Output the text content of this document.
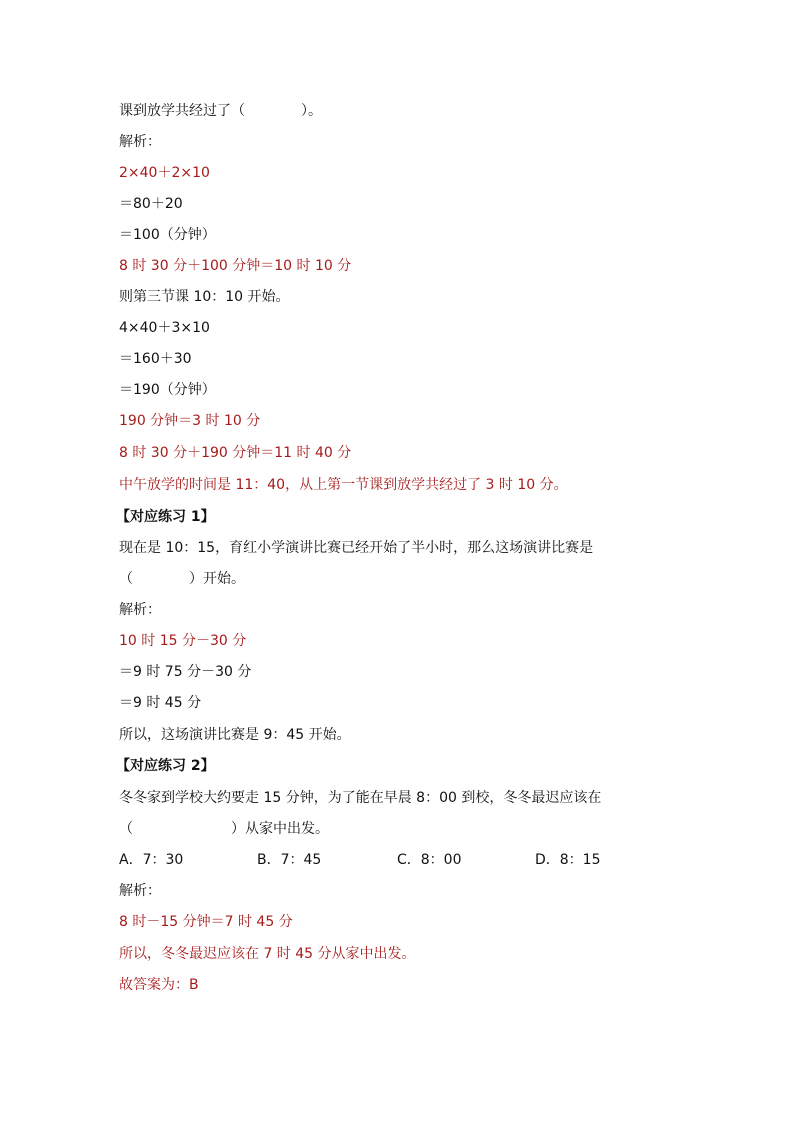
课到放学共经过了（　　　　）。
解析：
2×40＋2×10
＝80＋20
＝100（分钟）
8 时 30 分＋100 分钟＝10 时 10 分
则第三节课 10：10 开始。
4×40＋3×10
＝160＋30
＝190（分钟）
190 分钟＝3 时 10 分
8 时 30 分＋190 分钟＝11 时 40 分
中午放学的时间是 11：40，从上第一节课到放学共经过了 3 时 10 分。
【对应练习 1】
现在是 10：15，育红小学演讲比赛已经开始了半小时，那么这场演讲比赛是
（　　　　）开始。
解析：
10 时 15 分－30 分
＝9 时 75 分－30 分
＝9 时 45 分
所以，这场演讲比赛是 9：45 开始。
【对应练习 2】
冬冬家到学校大约要走 15 分钟，为了能在早晨 8：00 到校，冬冬最迟应该在
（　　　　　　　）从家中出发。
A．7：30	B．7：45	C．8：00	D．8：15
解析：
8 时－15 分钟＝7 时 45 分
所以，冬冬最迟应该在 7 时 45 分从家中出发。
故答案为：B
